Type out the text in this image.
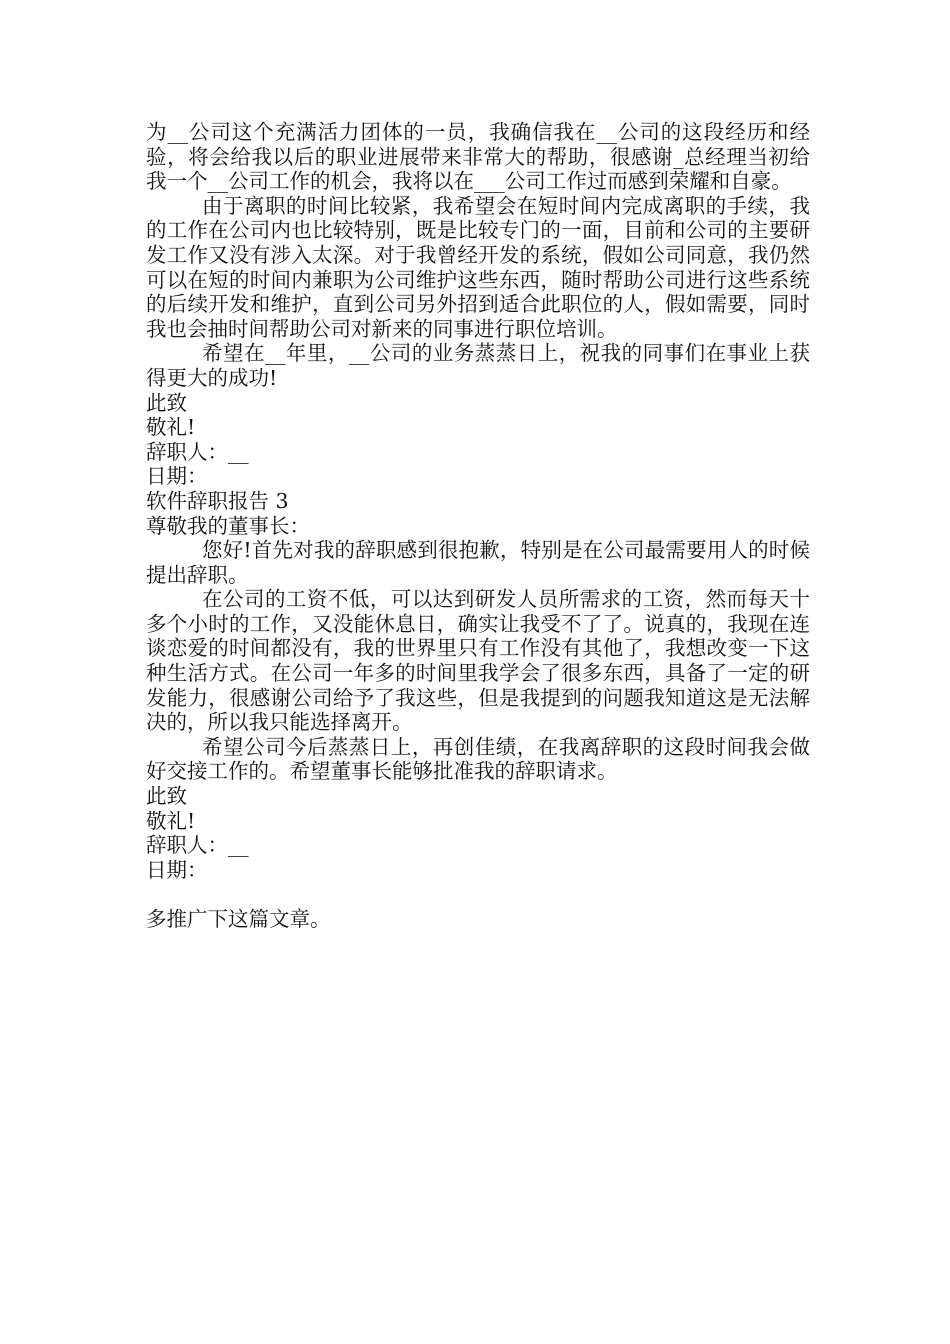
为__公司这个充满活力团体的一员，我确信我在__公司的这段经历和经验，将会给我以后的职业进展带来非常大的帮助，很感谢_总经理当初给我一个__公司工作的机会，我将以在___公司工作过而感到荣耀和自豪。

由于离职的时间比较紧，我希望会在短时间内完成离职的手续，我的工作在公司内也比较特别，既是比较专门的一面，目前和公司的主要研发工作又没有涉入太深。对于我曾经开发的系统，假如公司同意，我仍然可以在短的时间内兼职为公司维护这些东西，随时帮助公司进行这些系统的后续开发和维护，直到公司另外招到适合此职位的人，假如需要，同时我也会抽时间帮助公司对新来的同事进行职位培训。

希望在__年里，__公司的业务蒸蒸日上，祝我的同事们在事业上获得更大的成功!

此致

敬礼!

辞职人：__

日期：

软件辞职报告 3

尊敬我的董事长：

您好!首先对我的辞职感到很抱歉，特别是在公司最需要用人的时候提出辞职。

在公司的工资不低，可以达到研发人员所需求的工资，然而每天十多个小时的工作，又没能休息日，确实让我受不了了。说真的，我现在连谈恋爱的时间都没有，我的世界里只有工作没有其他了，我想改变一下这种生活方式。在公司一年多的时间里我学会了很多东西，具备了一定的研发能力，很感谢公司给予了我这些，但是我提到的问题我知道这是无法解决的，所以我只能选择离开。

希望公司今后蒸蒸日上，再创佳绩，在我离辞职的这段时间我会做好交接工作的。希望董事长能够批准我的辞职请求。

此致

敬礼!

辞职人：__

日期：

多推广下这篇文章。
